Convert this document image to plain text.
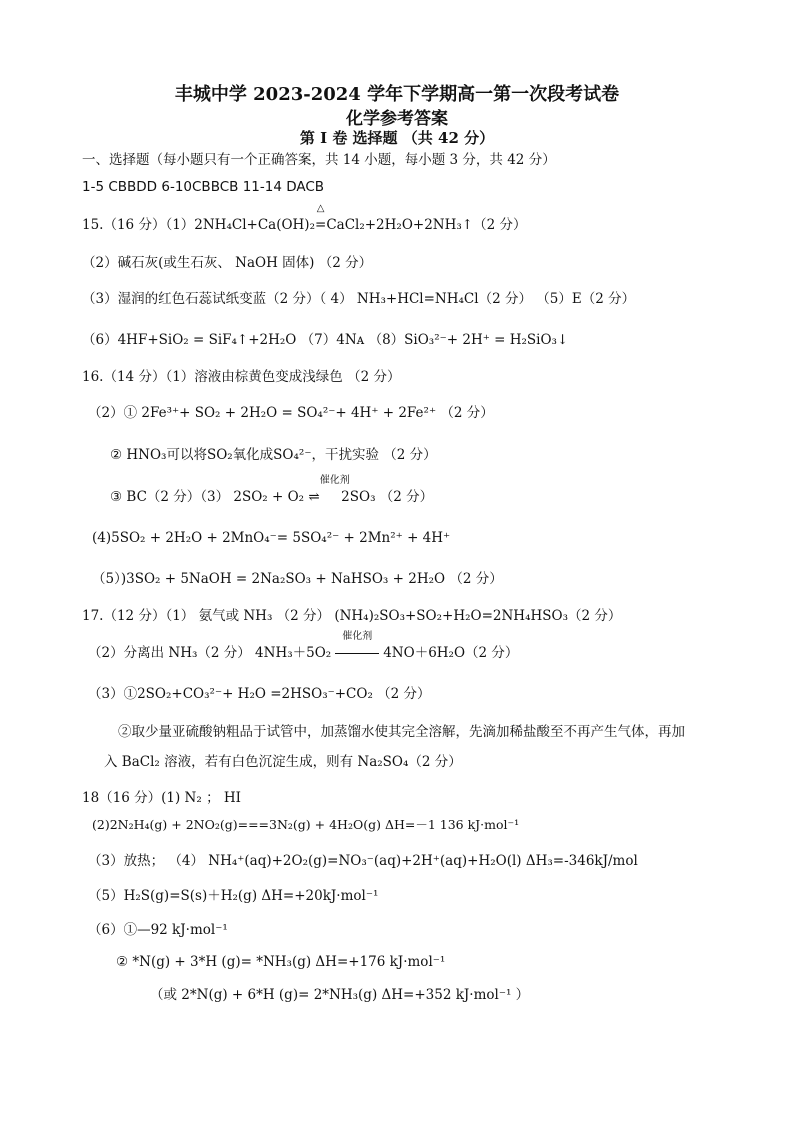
丰城中学 2023-2024 学年下学期高一第一次段考试卷
化学参考答案
第 I 卷 选择题 （共 42 分）
一、选择题（每小题只有一个正确答案，共 14 小题，每小题 3 分，共 42 分）
1-5 CBBDD 6-10CBBCB 11-14 DACB
15.（16 分）（1）2NH₄Cl+Ca(OH)₂
△
=CaCl₂+2H₂O+2NH₃↑（2 分）
（2）碱石灰(或生石灰、 NaOH 固体) （2 分）
（3）湿润的红色石蕊试纸变蓝（2 分）（ 4） NH₃+HCl=NH₄Cl（2 分） （5）E（2 分）
（6）4HF+SiO₂ = SiF₄↑+2H₂O （7）4Nᴀ （8）SiO₃²⁻+ 2H⁺ = H₂SiO₃↓
16.（14 分）（1）溶液由棕黄色变成浅绿色 （2 分）
（2）① 2Fe³⁺+ SO₂ + 2H₂O = SO₄²⁻+ 4H⁺ + 2Fe²⁺ （2 分）
② HNO₃可以将SO₂氧化成SO₄²⁻，干扰实验 （2 分）
③ BC（2 分）（3） 2SO₂ + O₂ ⇌
催化剂
2SO₃ （2 分）
(4)5SO₂ + 2H₂O + 2MnO₄⁻= 5SO₄²⁻ + 2Mn²⁺ + 4H⁺
（5）)3SO₂ + 5NaOH = 2Na₂SO₃ + NaHSO₃ + 2H₂O （2 分）
17.（12 分）（1） 氨气或 NH₃ （2 分） (NH₄)₂SO₃+SO₂+H₂O=2NH₄HSO₃（2 分）
（2）分离出 NH₃（2 分） 4NH₃＋5O₂
催化剂
4NO＋6H₂O（2 分）
（3）①2SO₂+CO₃²⁻+ H₂O =2HSO₃⁻+CO₂ （2 分）
②取少量亚硫酸钠粗品于试管中，加蒸馏水使其完全溶解，先滴加稀盐酸至不再产生气体，再加
入 BaCl₂ 溶液，若有白色沉淀生成，则有 Na₂SO₄（2 分）
18（16 分）(1) N₂ ； HI
(2)2N₂H₄(g) + 2NO₂(g)===3N₂(g) + 4H₂O(g) ΔH=－1 136 kJ·mol⁻¹
（3）放热； （4） NH₄⁺(aq)+2O₂(g)=NO₃⁻(aq)+2H⁺(aq)+H₂O(l) ΔH₃=-346kJ/mol
（5）H₂S(g)=S(s)＋H₂(g) ΔH=+20kJ·mol⁻¹
（6）①—92 kJ·mol⁻¹
② *N(g) + 3*H (g)= *NH₃(g) ΔH=+176 kJ·mol⁻¹
（或 2*N(g) + 6*H (g)= 2*NH₃(g) ΔH=+352 kJ·mol⁻¹ ）
